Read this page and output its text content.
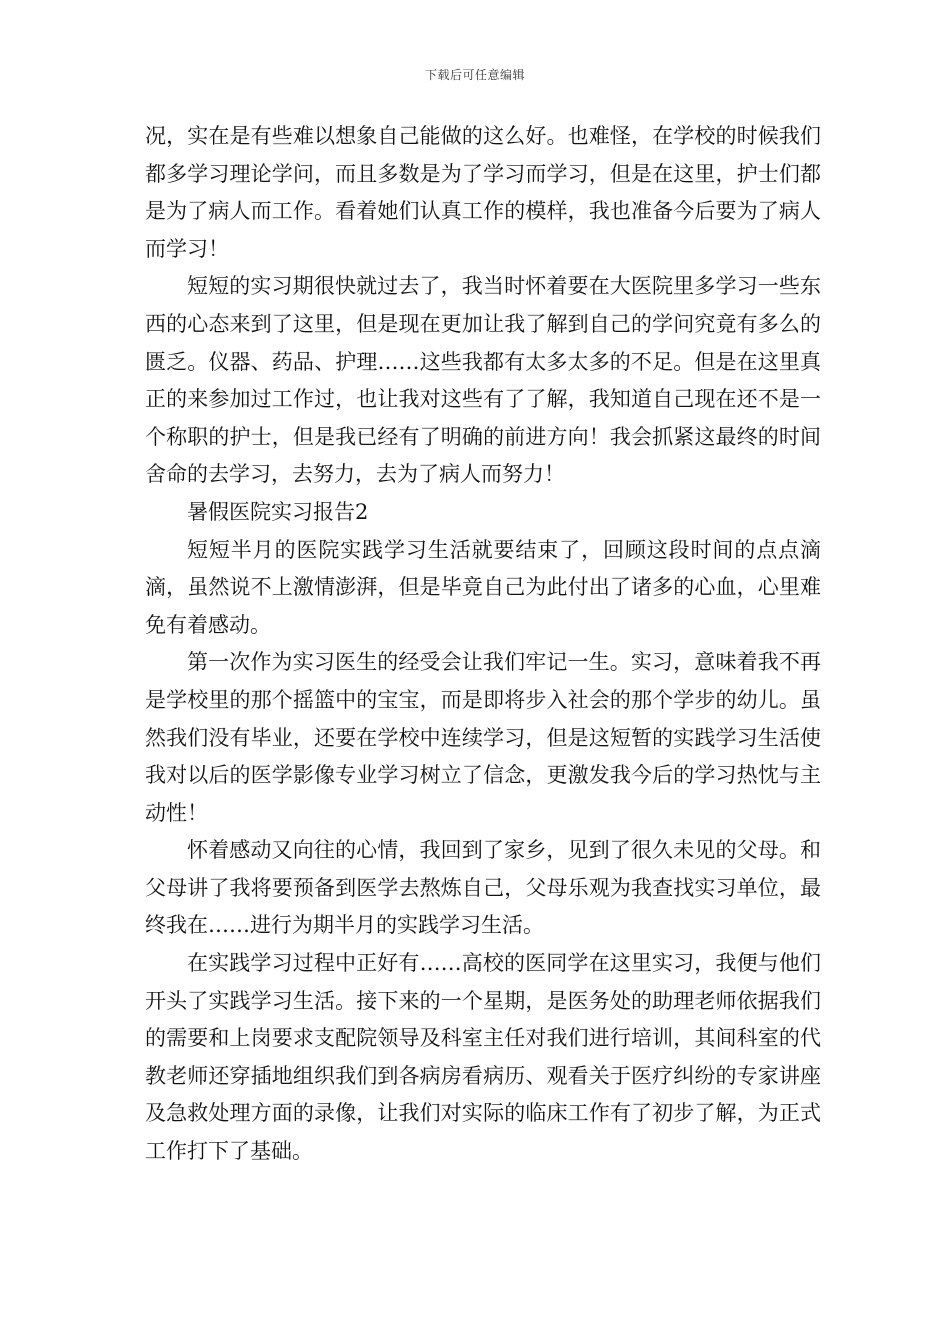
下载后可任意编辑

况，实在是有些难以想象自己能做的这么好。也难怪，在学校的时候我们都多学习理论学问，而且多数是为了学习而学习，但是在这里，护士们都是为了病人而工作。看着她们认真工作的模样，我也准备今后要为了病人而学习！

短短的实习期很快就过去了，我当时怀着要在大医院里多学习一些东西的心态来到了这里，但是现在更加让我了解到自己的学问究竟有多么的匮乏。仪器、药品、护理……这些我都有太多太多的不足。但是在这里真正的来参加过工作过，也让我对这些有了了解，我知道自己现在还不是一个称职的护士，但是我已经有了明确的前进方向！我会抓紧这最终的时间舍命的去学习，去努力，去为了病人而努力！

暑假医院实习报告2

短短半月的医院实践学习生活就要结束了，回顾这段时间的点点滴滴，虽然说不上激情澎湃，但是毕竟自己为此付出了诸多的心血，心里难免有着感动。

第一次作为实习医生的经受会让我们牢记一生。实习，意味着我不再是学校里的那个摇篮中的宝宝，而是即将步入社会的那个学步的幼儿。虽然我们没有毕业，还要在学校中连续学习，但是这短暂的实践学习生活使我对以后的医学影像专业学习树立了信念，更激发我今后的学习热忱与主动性！

怀着感动又向往的心情，我回到了家乡，见到了很久未见的父母。和父母讲了我将要预备到医学去熬炼自己，父母乐观为我查找实习单位，最终我在……进行为期半月的实践学习生活。

在实践学习过程中正好有……高校的医同学在这里实习，我便与他们开头了实践学习生活。接下来的一个星期，是医务处的助理老师依据我们的需要和上岗要求支配院领导及科室主任对我们进行培训，其间科室的代教老师还穿插地组织我们到各病房看病历、观看关于医疗纠纷的专家讲座及急救处理方面的录像，让我们对实际的临床工作有了初步了解，为正式工作打下了基础。
